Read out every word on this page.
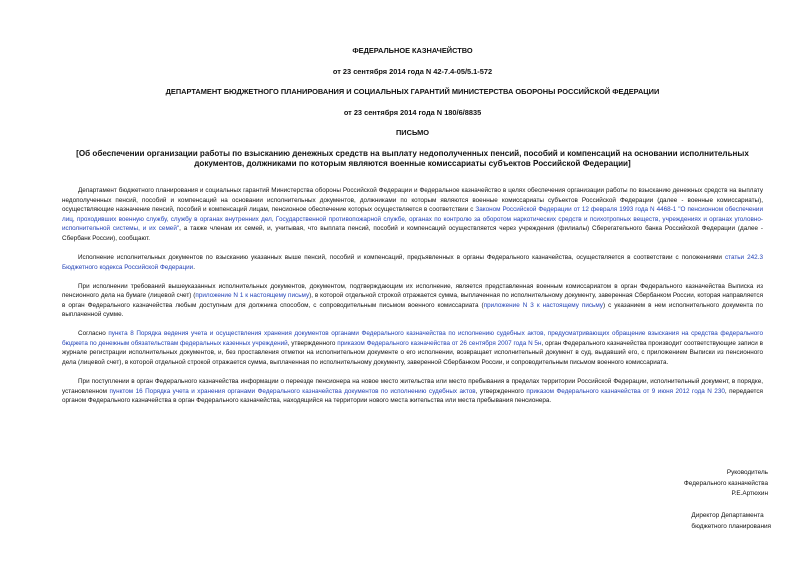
ФЕДЕРАЛЬНОЕ КАЗНАЧЕЙСТВО
от 23 сентября 2014 года N 42-7.4-05/5.1-572
ДЕПАРТАМЕНТ БЮДЖЕТНОГО ПЛАНИРОВАНИЯ И СОЦИАЛЬНЫХ ГАРАНТИЙ МИНИСТЕРСТВА ОБОРОНЫ РОССИЙСКОЙ ФЕДЕРАЦИИ
от 23 сентября 2014 года N 180/6/8835
ПИСЬМО
[Об обеспечении организации работы по взысканию денежных средств на выплату недополученных пенсий, пособий и компенсаций на основании исполнительных документов, должниками по которым являются военные комиссариаты субъектов Российской Федерации]

Департамент бюджетного планирования и социальных гарантий Министерства обороны Российской Федерации и Федеральное казначейство в целях обеспечения организации работы по взысканию денежных средств на выплату недополученных пенсий, пособий и компенсаций на основании исполнительных документов, должниками по которым являются военные комиссариаты субъектов Российской Федерации (далее - военные комиссариаты), осуществляющие назначение пенсий, пособий и компенсаций лицам, пенсионное обеспечение которых осуществляется в соответствии с Законом Российской Федерации от 12 февраля 1993 года N 4468-1 "О пенсионном обеспечении лиц, проходивших военную службу, службу в органах внутренних дел, Государственной противопожарной службе, органах по контролю за оборотом наркотических средств и психотропных веществ, учреждениях и органах уголовно-исполнительной системы, и их семей", а также членам их семей, и, учитывая, что выплата пенсий, пособий и компенсаций осуществляется через учреждения (филиалы) Сберегательного банка Российской Федерации (далее - Сбербанк России), сообщают.

Исполнение исполнительных документов по взысканию указанных выше пенсий, пособий и компенсаций, предъявленных в органы Федерального казначейства, осуществляется в соответствии с положениями статьи 242.3 Бюджетного кодекса Российской Федерации.

При исполнении требований вышеуказанных исполнительных документов, документом, подтверждающим их исполнение, является представленная военным комиссариатом в орган Федерального казначейства Выписка из пенсионного дела на бумаге (лицевой счет) (приложение N 1 к настоящему письму), в которой отдельной строкой отражается сумма, выплаченная по исполнительному документу, заверенная Сбербанком России, которая направляется в орган Федерального казначейства любым доступным для должника способом, с сопроводительным письмом военного комиссариата (приложение N 3 к настоящему письму) с указанием в нем исполнительного документа по выплаченной сумме.

Согласно пункта 8 Порядка ведения учета и осуществления хранения документов органами Федерального казначейства по исполнению судебных актов, предусматривающих обращение взыскания на средства федерального бюджета по денежным обязательствам федеральных казенных учреждений, утвержденного приказом Федерального казначейства от 26 сентября 2007 года N 5н, орган Федерального казначейства производит соответствующие записи в журнале регистрации исполнительных документов, и, без проставления отметки на исполнительном документе о его исполнении, возвращает исполнительный документ в суд, выдавший его, с приложением Выписки из пенсионного дела (лицевой счет), в которой отдельной строкой отражается сумма, выплаченная по исполнительному документу, заверенной Сбербанком России, и сопроводительным письмом военного комиссариата.

При поступлении в орган Федерального казначейства информации о переезде пенсионера на новое место жительства или место пребывания в пределах территории Российской Федерации, исполнительный документ, в порядке, установленном пунктом 16 Порядка учета и хранения органами Федерального казначейства документов по исполнению судебных актов, утвержденного приказом Федерального казначейства от 9 июня 2012 года N 230, передается органом Федерального казначейства в орган Федерального казначейства, находящийся на территории нового места жительства или места пребывания пенсионера.

Руководитель
Федерального казначейства
Р.Е.Артюхин
Директор Департамента
бюджетного планирования
